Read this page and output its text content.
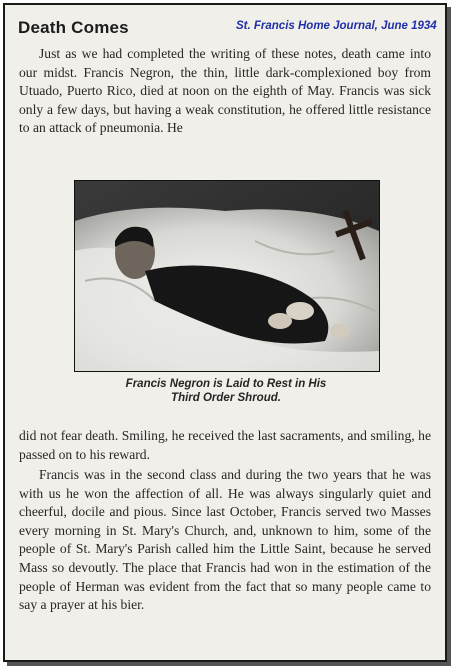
Death Comes	St. Francis Home Journal, June 1934

Just as we had completed the writing of these notes, death came into our midst. Francis Negron, the thin, little dark-complexioned boy from Utuado, Puerto Rico, died at noon on the eighth of May. Francis was sick only a few days, but having a weak constitution, he offered little resistance to an attack of pneumonia. He

Francis Negron is Laid to Rest in His
Third Order Shroud.

did not fear death. Smiling, he received the last sacraments, and smiling, he passed on to his reward.

Francis was in the second class and during the two years that he was with us he won the affection of all. He was always singularly quiet and cheerful, docile and pious. Since last October, Francis served two Masses every morning in St. Mary's Church, and, unknown to him, some of the people of St. Mary's Parish called him the Little Saint, because he served Mass so devoutly. The place that Francis had won in the estimation of the people of Herman was evident from the fact that so many people came to say a prayer at his bier.
